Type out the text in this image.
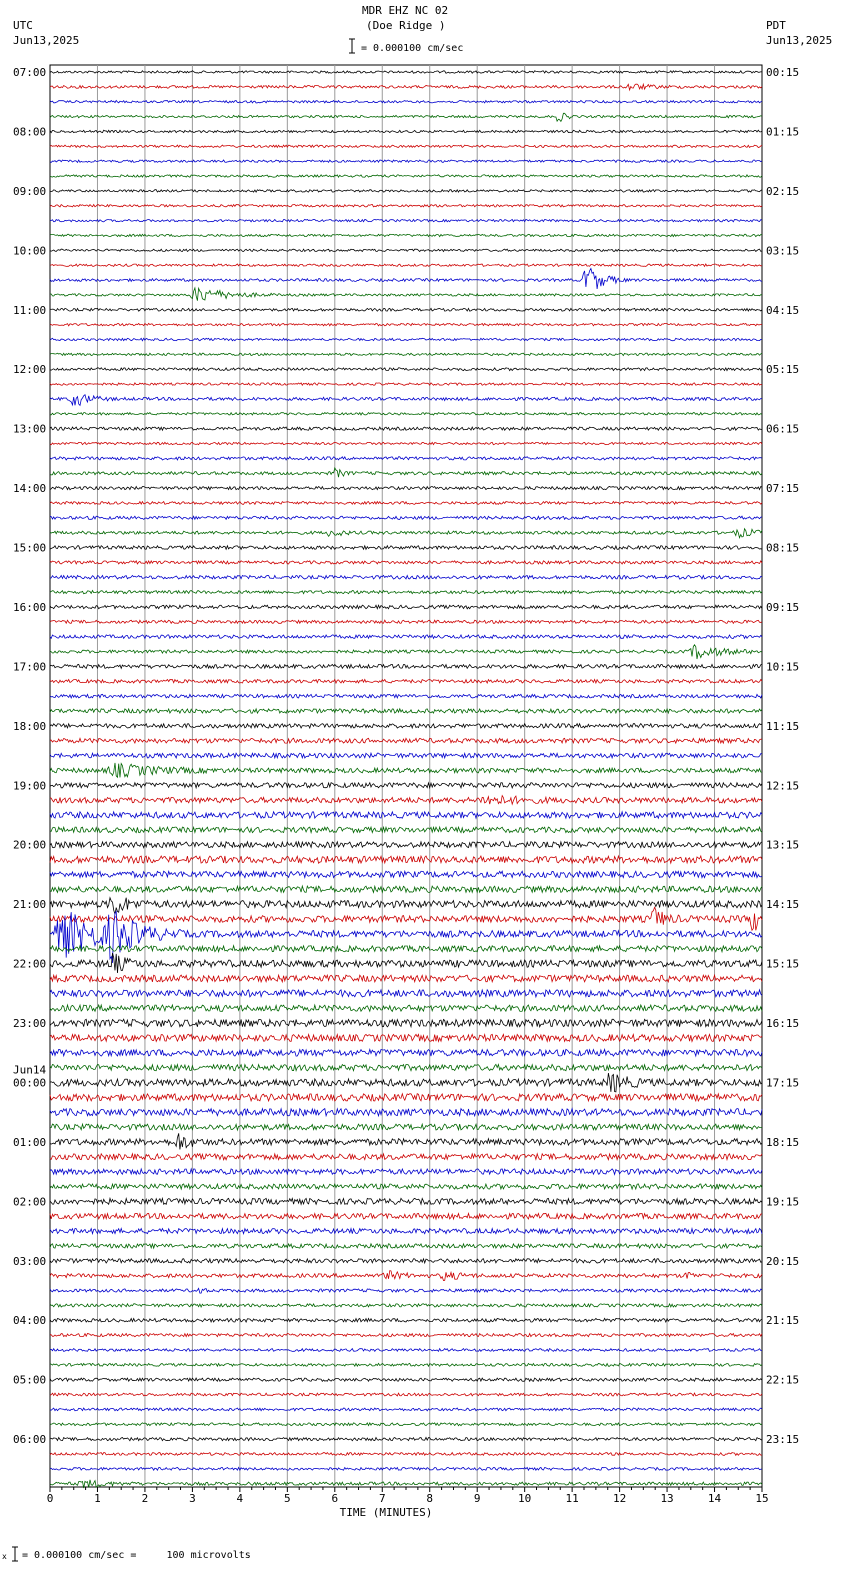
MDR EHZ NC 02
(Doe Ridge )

= 0.000100 cm/sec
UTC
Jun13,2025
PDT
Jun13,2025
0	1	2	3	4	5	6	7	8	9	10	11	12	13	14	15
TIME (MINUTES)
07:00	00:15
08:00	01:15
09:00	02:15
10:00	03:15
11:00	04:15
12:00	05:15
13:00	06:15
14:00	07:15
15:00	08:15
16:00	09:15
17:00	10:15
18:00	11:15
19:00	12:15
20:00	13:15
21:00	14:15
22:00	15:15
23:00	16:15
00:00	17:15
Jun14
01:00	18:15
02:00	19:15
03:00	20:15
04:00	21:15
05:00	22:15
06:00	23:15

x = 0.000100 cm/sec =     100 microvolts
